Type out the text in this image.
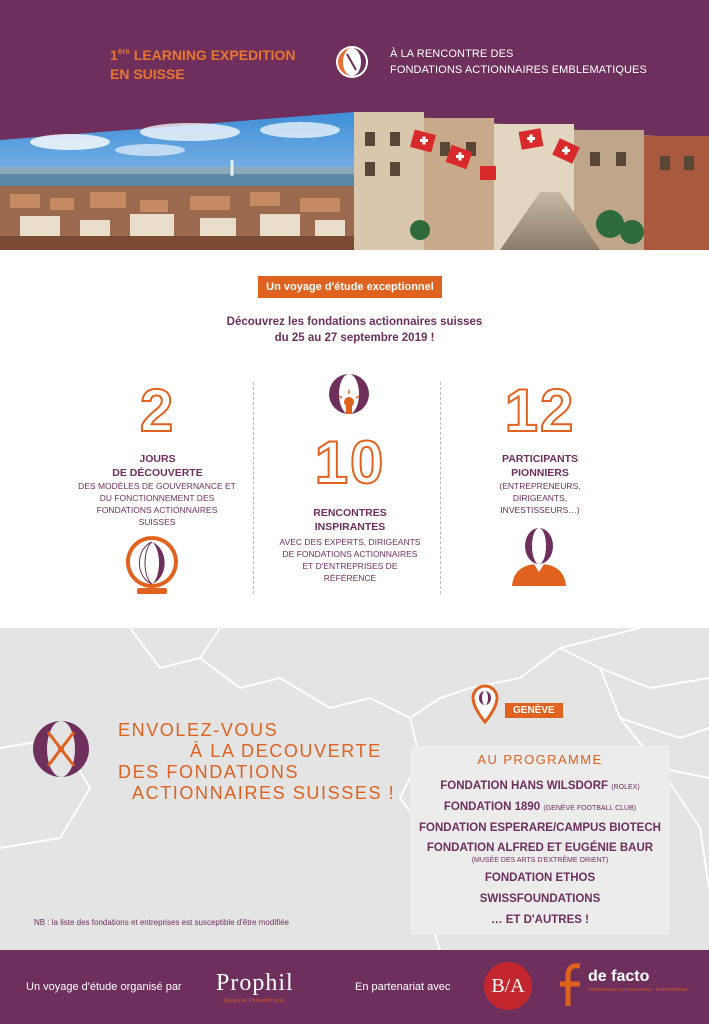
1ère LEARNING EXPEDITION
EN SUISSE
À LA RENCONTRE DES
FONDATIONS ACTIONNAIRES EMBLEMATIQUES
Un voyage d'étude exceptionnel
Découvrez les fondations actionnaires suisses
du 25 au 27 septembre 2019 !
2
JOURS
DE DÉCOUVERTE
DES MODÈLES DE GOUVERNANCE ET
DU FONCTIONNEMENT DES
FONDATIONS ACTIONNAIRES
SUISSES
10
RENCONTRES
INSPIRANTES
AVEC DES EXPERTS, DIRIGEANTS
DE FONDATIONS ACTIONNAIRES
ET D'ENTREPRISES DE
RÉFÉRENCE
12
PARTICIPANTS
PIONNIERS
(ENTREPRENEURS,
DIRIGEANTS,
INVESTISSEURS…)
ENVOLEZ-VOUS
À LA DECOUVERTE
DES FONDATIONS
ACTIONNAIRES SUISSES !
GENÈVE
AU PROGRAMME
FONDATION HANS WILSDORF (ROLEX)
FONDATION 1890 (GENÈVE FOOTBALL CLUB)
FONDATION ESPERARE/CAMPUS BIOTECH
FONDATION ALFRED ET EUGÉNIE BAUR
(MUSÉE DES ARTS D'EXTRÊME ORIENT)
FONDATION ETHOS
SWISSFOUNDATIONS
… ET D'AUTRES !
NB : la liste des fondations et entreprises est susceptible d'être modifiée
Un voyage d'étude organisé par Prophil
Sagesse Philanthropie
En partenariat avec	B/A	de facto
FONDATIONS ACTIONNAIRES · ENTREPRISES
